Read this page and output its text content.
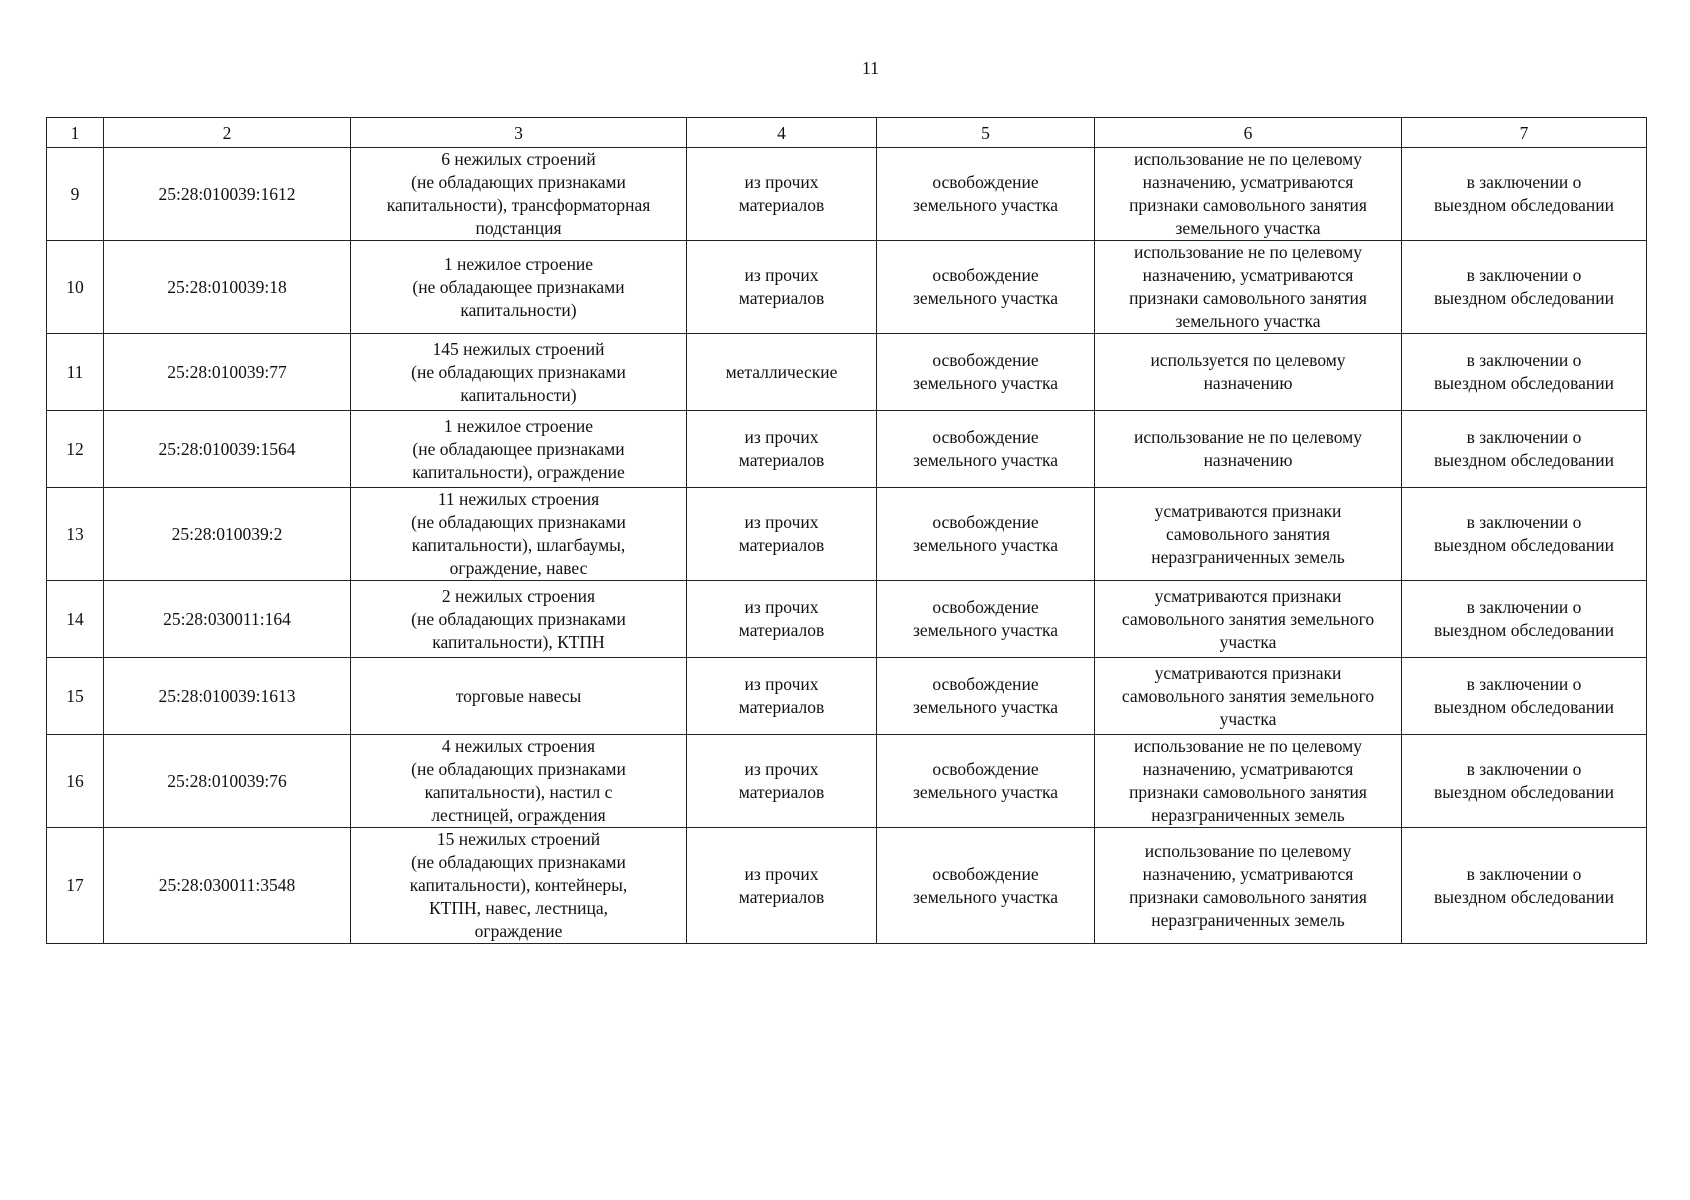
11
1	2	3	4	5	6	7
9	25:28:010039:1612	6 нежилых строений
(не обладающих признаками
капитальности), трансформаторная
подстанция	из прочих
материалов	освобождение
земельного участка	использование не по целевому
назначению, усматриваются
признаки самовольного занятия
земельного участка	в заключении о
выездном обследовании
10	25:28:010039:18	1 нежилое строение
(не обладающее признаками
капитальности)	из прочих
материалов	освобождение
земельного участка	использование не по целевому
назначению, усматриваются
признаки самовольного занятия
земельного участка	в заключении о
выездном обследовании
11	25:28:010039:77	145 нежилых строений
(не обладающих признаками
капитальности)	металлические	освобождение
земельного участка	используется по целевому
назначению	в заключении о
выездном обследовании
12	25:28:010039:1564	1 нежилое строение
(не обладающее признаками
капитальности), ограждение	из прочих
материалов	освобождение
земельного участка	использование не по целевому
назначению	в заключении о
выездном обследовании
13	25:28:010039:2	11 нежилых строения
(не обладающих признаками
капитальности), шлагбаумы,
ограждение, навес	из прочих
материалов	освобождение
земельного участка	усматриваются признаки
самовольного занятия
неразграниченных земель	в заключении о
выездном обследовании
14	25:28:030011:164	2 нежилых строения
(не обладающих признаками
капитальности), КТПН	из прочих
материалов	освобождение
земельного участка	усматриваются признаки
самовольного занятия земельного
участка	в заключении о
выездном обследовании
15	25:28:010039:1613	торговые навесы	из прочих
материалов	освобождение
земельного участка	усматриваются признаки
самовольного занятия земельного
участка	в заключении о
выездном обследовании
16	25:28:010039:76	4 нежилых строения
(не обладающих признаками
капитальности), настил с
лестницей, ограждения	из прочих
материалов	освобождение
земельного участка	использование не по целевому
назначению, усматриваются
признаки самовольного занятия
неразграниченных земель	в заключении о
выездном обследовании
17	25:28:030011:3548	15 нежилых строений
(не обладающих признаками
капитальности), контейнеры,
КТПН, навес, лестница,
ограждение	из прочих
материалов	освобождение
земельного участка	использование по целевому
назначению, усматриваются
признаки самовольного занятия
неразграниченных земель	в заключении о
выездном обследовании
